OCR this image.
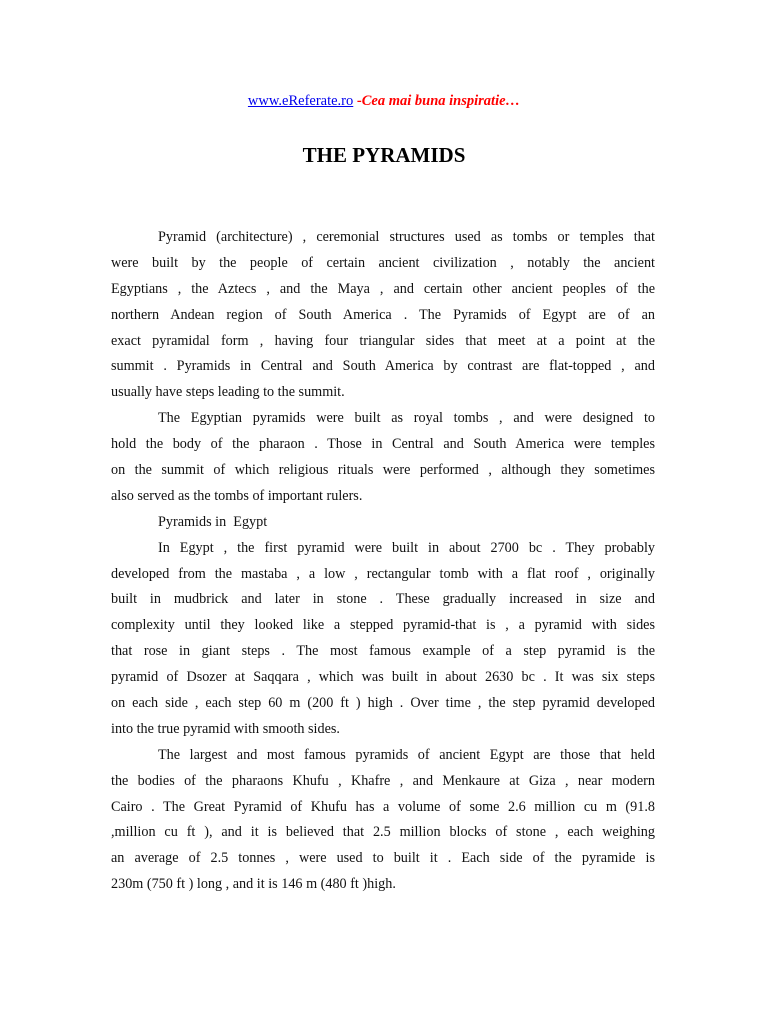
www.eReferate.ro -Cea mai buna inspiratie…
THE PYRAMIDS
Pyramid (architecture) , ceremonial structures used as tombs or temples that
were built by the people of certain ancient civilization , notably the ancient
Egyptians , the Aztecs , and the Maya , and certain other ancient peoples of the
northern Andean region of South America . The Pyramids of Egypt are of an
exact pyramidal form , having four triangular sides that meet at a point at the
summit . Pyramids in Central and South America by contrast are flat-topped , and
usually have steps leading to the summit.
The Egyptian pyramids were built as royal tombs , and were designed to
hold the body of the pharaon . Those in Central and South America were temples
on the summit of which religious rituals were performed , although they sometimes
also served as the tombs of important rulers.
Pyramids in  Egypt
In Egypt , the first pyramid were built in about 2700 bc . They probably
developed from the mastaba , a low , rectangular tomb with a flat roof , originally
built in mudbrick and later in stone . These gradually increased in size and
complexity until they looked like a stepped pyramid-that is , a pyramid with sides
that rose in giant steps . The most famous example of a step pyramid is the
pyramid of Dsozer at Saqqara , which was built in about 2630 bc . It was six steps
on each side , each step 60 m (200 ft ) high . Over time , the step pyramid developed
into the true pyramid with smooth sides.
The largest and most famous pyramids of ancient Egypt are those that held
the bodies of the pharaons Khufu , Khafre , and Menkaure at Giza , near modern
Cairo . The Great Pyramid of Khufu has a volume of some 2.6 million cu m (91.8
,million cu ft ), and it is believed that 2.5 million blocks of stone , each weighing
an average of 2.5 tonnes , were used to built it . Each side of the pyramide is
230m (750 ft ) long , and it is 146 m (480 ft )high.
